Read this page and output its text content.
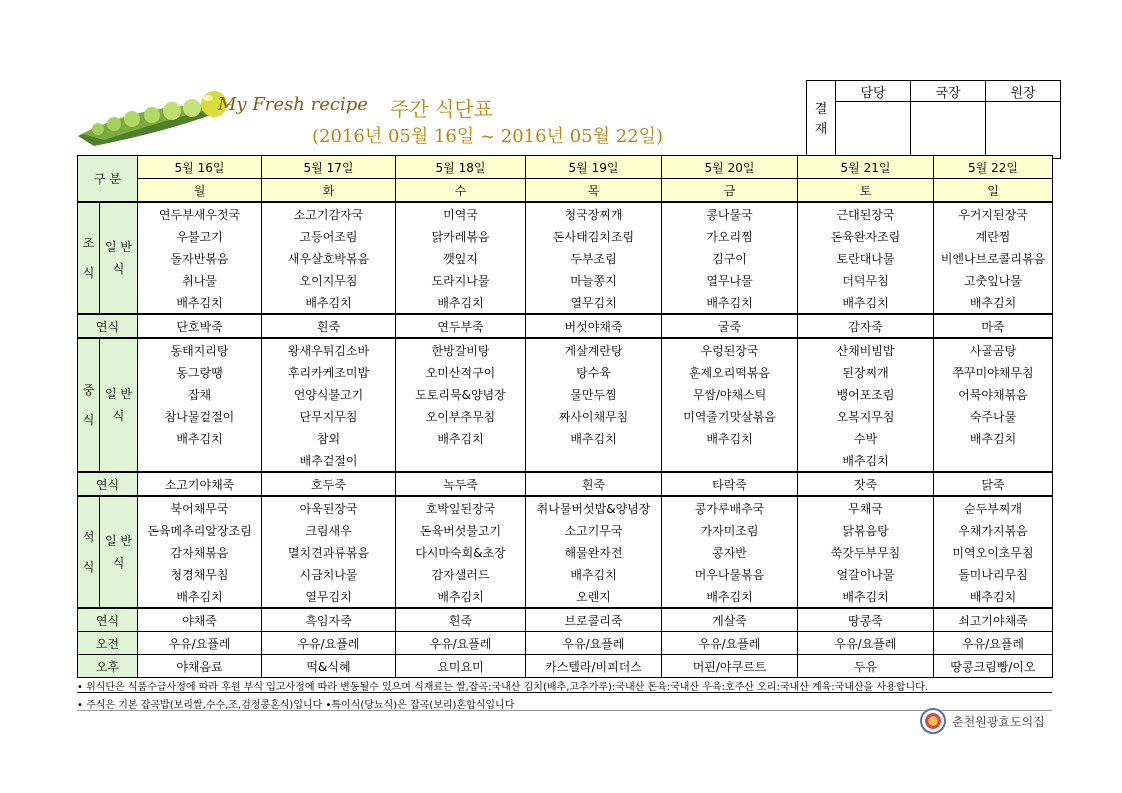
My Fresh recipe 주간 식단표
(2016년 05월 16일 ~ 2016년 05월 22일)
결 재	담당	국장	원장

구 분		5월 16일	5월 17일	5월 18일	5월 19일	5월 20일	5월 21일	5월 22일
		월	화	수	목	금	토	일
조 식	일 반 식	연두부새우젓국	소고기감자국	미역국	청국장찌개	콩나물국	근대된장국	우거지된장국
		우불고기	고등어조림	닭카레볶음	돈사태김치조림	가오리찜	돈육완자조림	계란찜
		돌자반볶음	새우살호박볶음	깻잎지	두부조림	김구이	토란대나물	비엔나브로콜리볶음
		취나물	오이지무침	도라지나물	마늘쫑지	열무나물	더덕무침	고춧잎나물
		배추김치	배추김치	배추김치	열무김치	배추김치	배추김치	배추김치
연식		단호박죽	흰죽	연두부죽	버섯야채죽	굴죽	감자죽	마죽
중 식	일 반 식	동태지리탕	왕새우튀김소바	한방갈비탕	게살계란탕	우렁된장국	산채비빔밥	사골곰탕
		동그랑땡	후리카케조미밥	오미산적구이	탕수육	훈제오리떡볶음	된장찌개	쭈꾸미야채무침
		잡채	언양식불고기	도토리묵&양념장	물만두찜	무쌈/야채스틱	뱅어포조림	어묵야채볶음
		참나물겉절이	단무지무침	오이부추무침	짜사이채무침	미역줄기맛살볶음	오복지무침	숙주나물
		배추김치	참외	배추김치	배추김치	배추김치	수박	배추김치
			배추겉절이				배추김치	
연식		소고기야채죽	호두죽	녹두죽	흰죽	타락죽	잣죽	닭죽
석 식	일 반 식	북어채무국	아욱된장국	호박잎된장국	취나물버섯밥&양념장	콩가루배추국	무채국	순두부찌개
		돈육메추리알장조림	크림새우	돈육버섯불고기	소고기무국	가자미조림	닭볶음탕	우채가지볶음
		감자채볶음	멸치견과류볶음	다시마숙회&초장	해물완자전	콩자반	쑥갓두부무침	미역오이초무침
		청경채무침	시금치나물	감자샐러드	배추김치	머우나물볶음	얼갈이나물	돌미나리무침
		배추김치	열무김치	배추김치	오렌지	배추김치	배추김치	배추김치
연식		야채죽	흑임자죽	흰죽	브로콜리죽	게살죽	땅콩죽	쇠고기야채죽
오전		우유/요플레	우유/요플레	우유/요플레	우유/요플레	우유/요플레	우유/요플레	우유/요플레
오후		야채음료	떡&식혜	요미요미	카스텔라/비피더스	머핀/야쿠르트	두유	땅콩크림빵/이오
• 위식단은 식품수급사정에 따라 후원 부식 입고사정에 따라 변동될수 있으며 식재료는 쌀,잡곡:국내산 김치(배추,고추가루):국내산 돈육:국내산 우육:호주산 오리:국내산 계육:국내산을 사용합니다.
• 주식은 기본 잡곡밥(보리쌀,수수,조,검정콩혼식)입니다 •특이식(당뇨식)은 잡곡(보리)혼합식입니다
춘천원광효도의집
